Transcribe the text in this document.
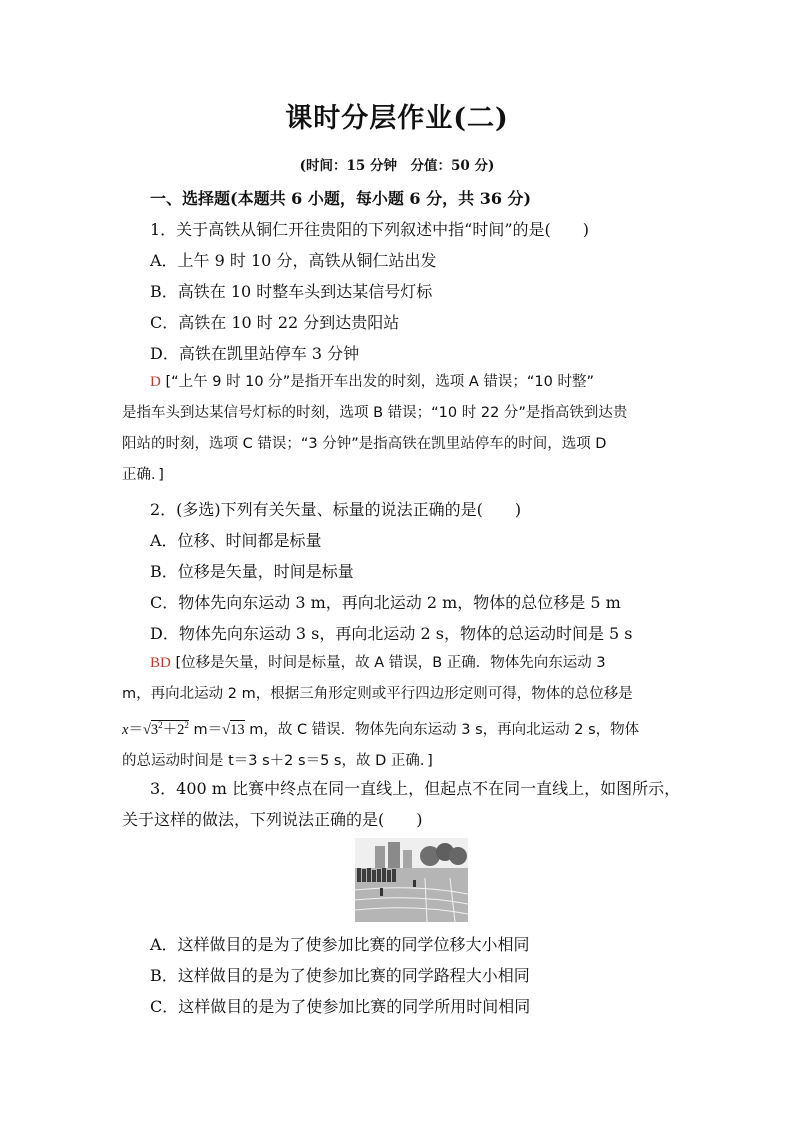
课时分层作业(二)
(时间：15 分钟　分值：50 分)
一、选择题(本题共 6 小题，每小题 6 分，共 36 分)
1．关于高铁从铜仁开往贵阳的下列叙述中指“时间”的是(　　)
A．上午 9 时 10 分，高铁从铜仁站出发
B．高铁在 10 时整车头到达某信号灯标
C．高铁在 10 时 22 分到达贵阳站
D．高铁在凯里站停车 3 分钟
D [“上午 9 时 10 分”是指开车出发的时刻，选项 A 错误；“10 时整”
是指车头到达某信号灯标的时刻，选项 B 错误；“10 时 22 分”是指高铁到达贵
阳站的时刻，选项 C 错误；“3 分钟”是指高铁在凯里站停车的时间，选项 D
正确．]
2．(多选)下列有关矢量、标量的说法正确的是(　　)
A．位移、时间都是标量
B．位移是矢量，时间是标量
C．物体先向东运动 3 m，再向北运动 2 m，物体的总位移是 5 m
D．物体先向东运动 3 s，再向北运动 2 s，物体的总运动时间是 5 s
BD [位移是矢量，时间是标量，故 A 错误，B 正确．物体先向东运动 3
m，再向北运动 2 m，根据三角形定则或平行四边形定则可得，物体的总位移是
$x=√3^2+2^2$ m＝√13 m，故 C 错误．物体先向东运动 3 s，再向北运动 2 s，物体
的总运动时间是 t＝3 s＋2 s＝5 s，故 D 正确．]
3．400 m 比赛中终点在同一直线上，但起点不在同一直线上，如图所示，
关于这样的做法，下列说法正确的是(　　)
A．这样做目的是为了使参加比赛的同学位移大小相同
B．这样做目的是为了使参加比赛的同学路程大小相同
C．这样做目的是为了使参加比赛的同学所用时间相同
